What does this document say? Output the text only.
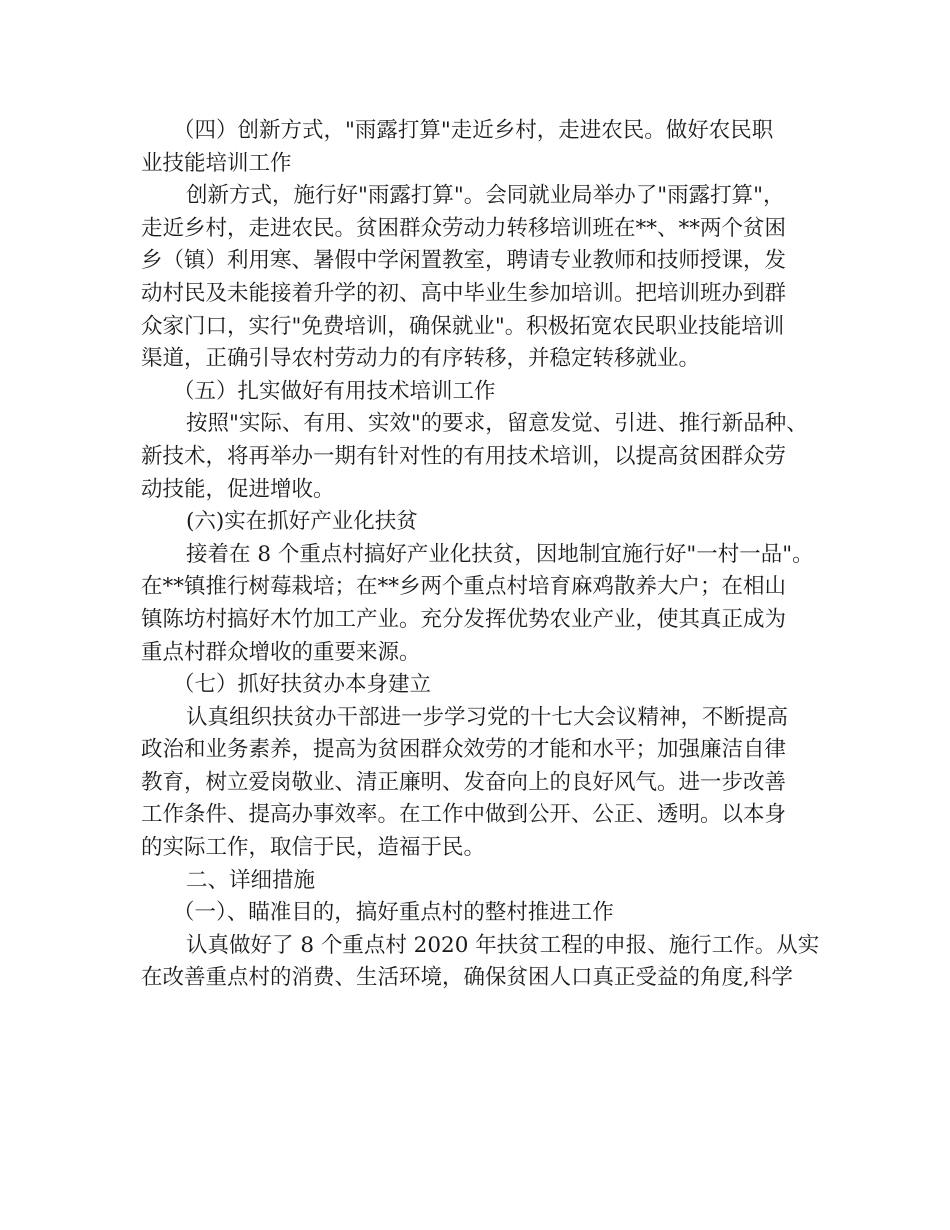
（四）创新方式，"雨露打算"走近乡村，走进农民。做好农民职
业技能培训工作
创新方式，施行好"雨露打算"。会同就业局举办了"雨露打算"，
走近乡村，走进农民。贫困群众劳动力转移培训班在**、**两个贫困
乡（镇）利用寒、暑假中学闲置教室，聘请专业教师和技师授课，发
动村民及未能接着升学的初、高中毕业生参加培训。把培训班办到群
众家门口，实行"免费培训，确保就业"。积极拓宽农民职业技能培训
渠道，正确引导农村劳动力的有序转移，并稳定转移就业。
（五）扎实做好有用技术培训工作
按照"实际、有用、实效"的要求，留意发觉、引进、推行新品种、
新技术，将再举办一期有针对性的有用技术培训，以提高贫困群众劳
动技能，促进增收。
(六)实在抓好产业化扶贫
接着在 8 个重点村搞好产业化扶贫，因地制宜施行好"一村一品"。
在**镇推行树莓栽培；在**乡两个重点村培育麻鸡散养大户；在相山
镇陈坊村搞好木竹加工产业。充分发挥优势农业产业，使其真正成为
重点村群众增收的重要来源。
（七）抓好扶贫办本身建立
认真组织扶贫办干部进一步学习党的十七大会议精神，不断提高
政治和业务素养，提高为贫困群众效劳的才能和水平；加强廉洁自律
教育，树立爱岗敬业、清正廉明、发奋向上的良好风气。进一步改善
工作条件、提高办事效率。在工作中做到公开、公正、透明。以本身
的实际工作，取信于民，造福于民。
二、详细措施
（一）、瞄准目的，搞好重点村的整村推进工作
认真做好了 8 个重点村 2020 年扶贫工程的申报、施行工作。从实
在改善重点村的消费、生活环境，确保贫困人口真正受益的角度,科学
